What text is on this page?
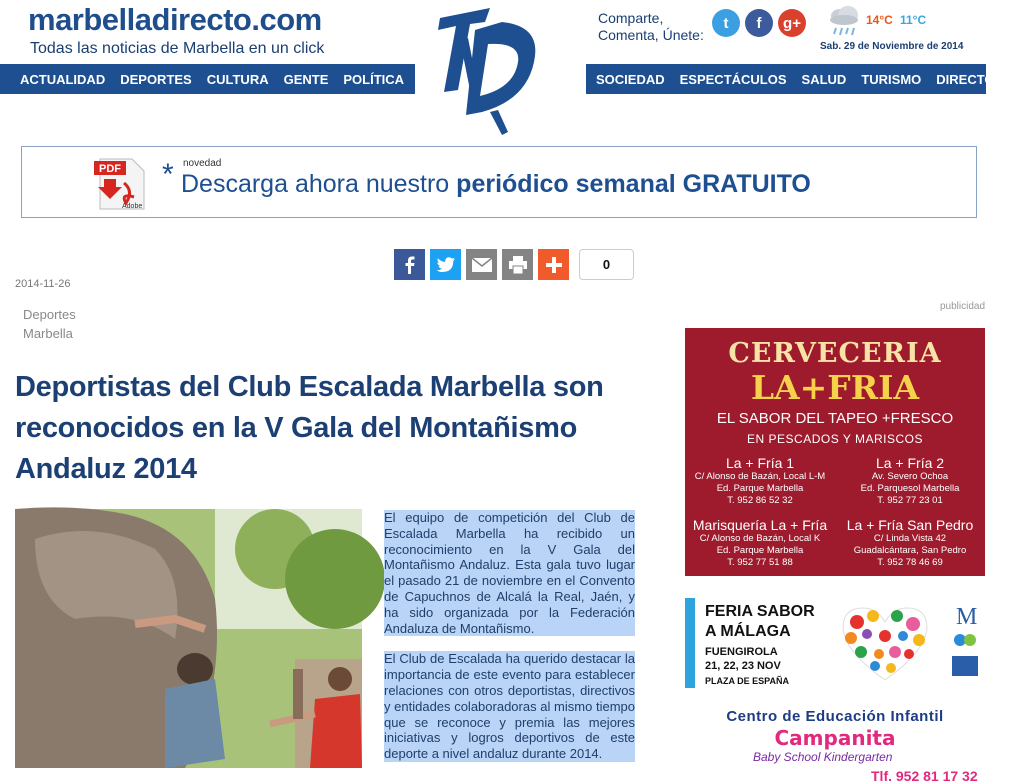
marbelladirecto.com
Todas las noticias de Marbella en un click
ACTUALIDAD DEPORTES CULTURA GENTE POLÍTICA	SOCIEDAD ESPECTÁCULOS SALUD TURISMO DIRECTORIO
Comparte,
Comenta, Únete:
t	f	g+	14°C 11°C
Sab. 29 de Noviembre de 2014
PDF
Adobe
* novedad
Descarga ahora nuestro periódico semanal GRATUITO
0
2014-11-26
Deportes
Marbella
Deportistas del Club Escalada Marbella son reconocidos en la V Gala del Montañismo Andaluz 2014

El equipo de competición del Club de Escalada Marbella ha recibido un reconocimiento en la V Gala del Montañismo Andaluz. Esta gala tuvo lugar el pasado 21 de noviembre en el Convento de Capuchnos de Alcalá la Real, Jaén, y ha sido organizada por la Federación Andaluza de Montañismo.

El Club de Escalada ha querido destacar la importancia de este evento para establecer relaciones con otros deportistas, directivos y entidades colaboradoras al mismo tiempo que se reconoce y premia las mejores iniciativas y logros deportivos de este deporte a nivel andaluz durante 2014.

publicidad
CERVECERIA
LA+FRIA
EL SABOR DEL TAPEO +FRESCO
EN PESCADOS Y MARISCOS
La + Fría 1
C/ Alonso de Bazán, Local L-M
Ed. Parque Marbella
T. 952 86 52 32
La + Fría 2
Av. Severo Ochoa
Ed. Parquesol Marbella
T. 952 77 23 01
Marisquería La + Fría
C/ Alonso de Bazán, Local K
Ed. Parque Marbella
T. 952 77 51 88
La + Fría San Pedro
C/ Linda Vista 42
Guadalcántara, San Pedro
T. 952 78 46 69
FERIA SABOR
A MÁLAGA
FUENGIROLA
21, 22, 23 NOV
PLAZA DE ESPAÑA
M

Centro de Educación Infantil
Campanita
Baby School Kindergarten
Tlf. 952 81 17 32
